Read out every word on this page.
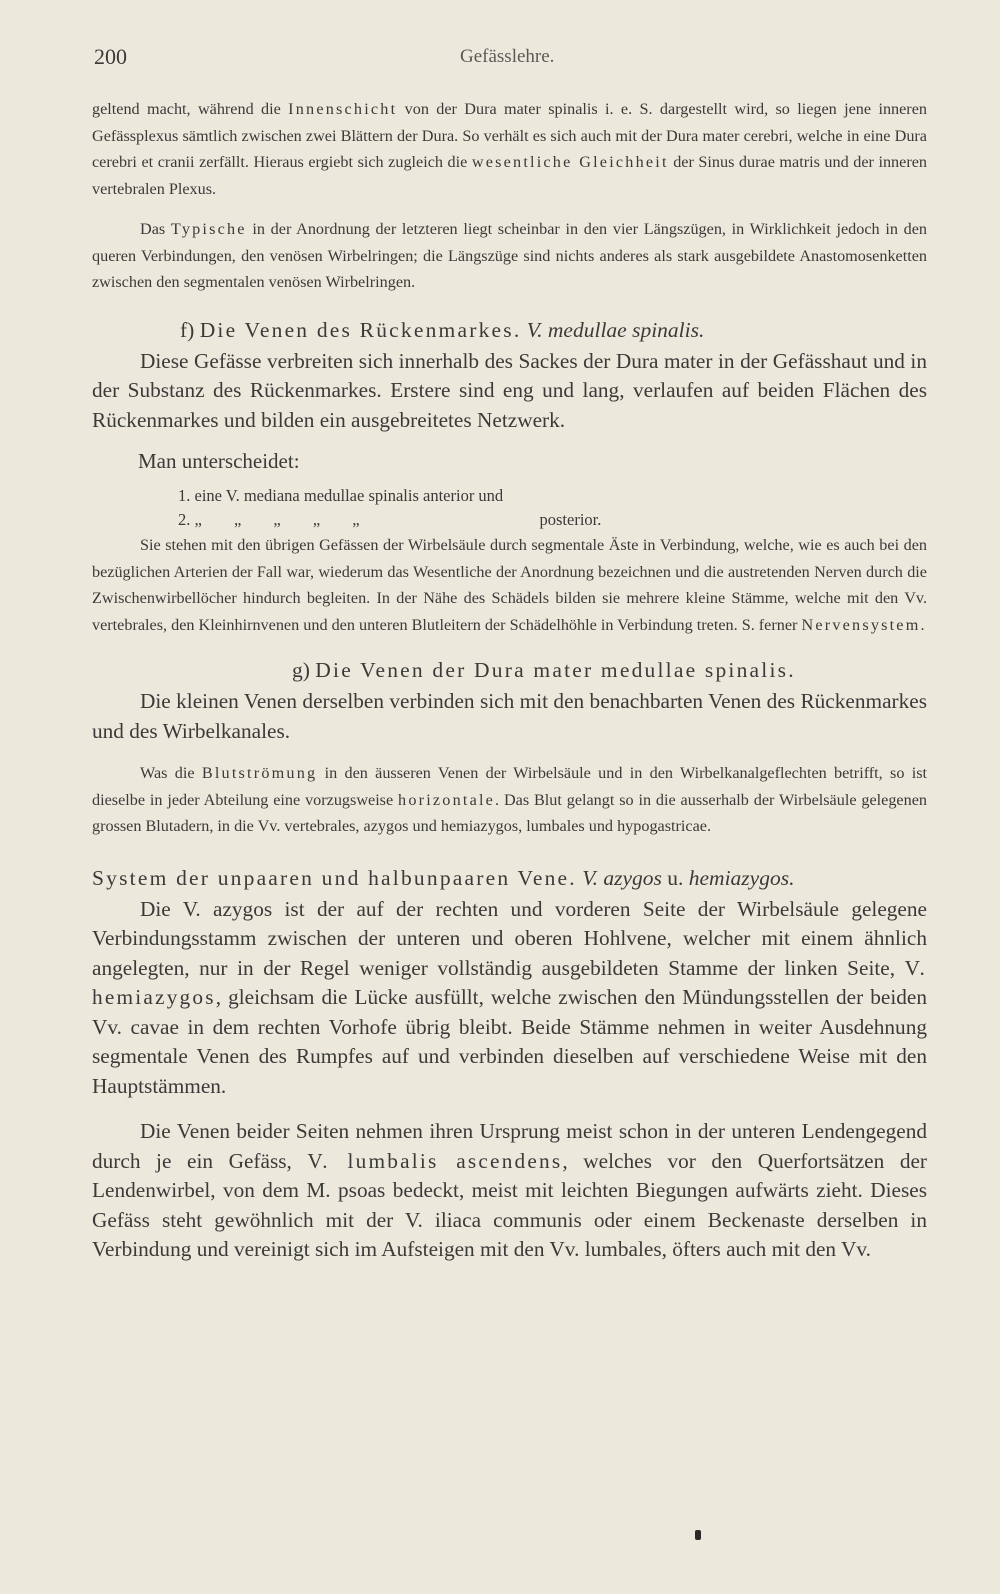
200	Gefässlehre.

geltend macht, während die Innenschicht von der Dura mater spinalis i. e. S. dargestellt wird, so liegen jene inneren Gefässplexus sämtlich zwischen zwei Blättern der Dura. So verhält es sich auch mit der Dura mater cerebri, welche in eine Dura cerebri et cranii zerfällt. Hieraus ergiebt sich zugleich die wesentliche Gleichheit der Sinus durae matris und der inneren vertebralen Plexus.

Das Typische in der Anordnung der letzteren liegt scheinbar in den vier Längszügen, in Wirklichkeit jedoch in den queren Verbindungen, den venösen Wirbelringen; die Längszüge sind nichts anderes als stark ausgebildete Anastomosenketten zwischen den segmentalen venösen Wirbelringen.

f) Die Venen des Rückenmarkes. V. medullae spinalis.

Diese Gefässe verbreiten sich innerhalb des Sackes der Dura mater in der Gefässhaut und in der Substanz des Rückenmarkes. Erstere sind eng und lang, verlaufen auf beiden Flächen des Rückenmarkes und bilden ein ausgebreitetes Netzwerk.

Man unterscheidet:
1. eine V. mediana medullae spinalis anterior und
2. „ „ „ „ „	posterior.

Sie stehen mit den übrigen Gefässen der Wirbelsäule durch segmentale Äste in Verbindung, welche, wie es auch bei den bezüglichen Arterien der Fall war, wiederum das Wesentliche der Anordnung bezeichnen und die austretenden Nerven durch die Zwischenwirbellöcher hindurch begleiten. In der Nähe des Schädels bilden sie mehrere kleine Stämme, welche mit den Vv. vertebrales, den Kleinhirnvenen und den unteren Blutleitern der Schädelhöhle in Verbindung treten. S. ferner Nervensystem.

g) Die Venen der Dura mater medullae spinalis.

Die kleinen Venen derselben verbinden sich mit den benachbarten Venen des Rückenmarkes und des Wirbelkanales.

Was die Blutströmung in den äusseren Venen der Wirbelsäule und in den Wirbelkanalgeflechten betrifft, so ist dieselbe in jeder Abteilung eine vorzugsweise horizontale. Das Blut gelangt so in die ausserhalb der Wirbelsäule gelegenen grossen Blutadern, in die Vv. vertebrales, azygos und hemiazygos, lumbales und hypogastricae.

System der unpaaren und halbunpaaren Vene. V. azygos u. hemiazygos.

Die V. azygos ist der auf der rechten und vorderen Seite der Wirbelsäule gelegene Verbindungsstamm zwischen der unteren und oberen Hohlvene, welcher mit einem ähnlich angelegten, nur in der Regel weniger vollständig ausgebildeten Stamme der linken Seite, V. hemiazygos, gleichsam die Lücke ausfüllt, welche zwischen den Mündungsstellen der beiden Vv. cavae in dem rechten Vorhofe übrig bleibt. Beide Stämme nehmen in weiter Ausdehnung segmentale Venen des Rumpfes auf und verbinden dieselben auf verschiedene Weise mit den Hauptstämmen.

Die Venen beider Seiten nehmen ihren Ursprung meist schon in der unteren Lendengegend durch je ein Gefäss, V. lumbalis ascendens, welches vor den Querfortsätzen der Lendenwirbel, von dem M. psoas bedeckt, meist mit leichten Biegungen aufwärts zieht. Dieses Gefäss steht gewöhnlich mit der V. iliaca communis oder einem Beckenaste derselben in Verbindung und vereinigt sich im Aufsteigen mit den Vv. lumbales, öfters auch mit den Vv.
